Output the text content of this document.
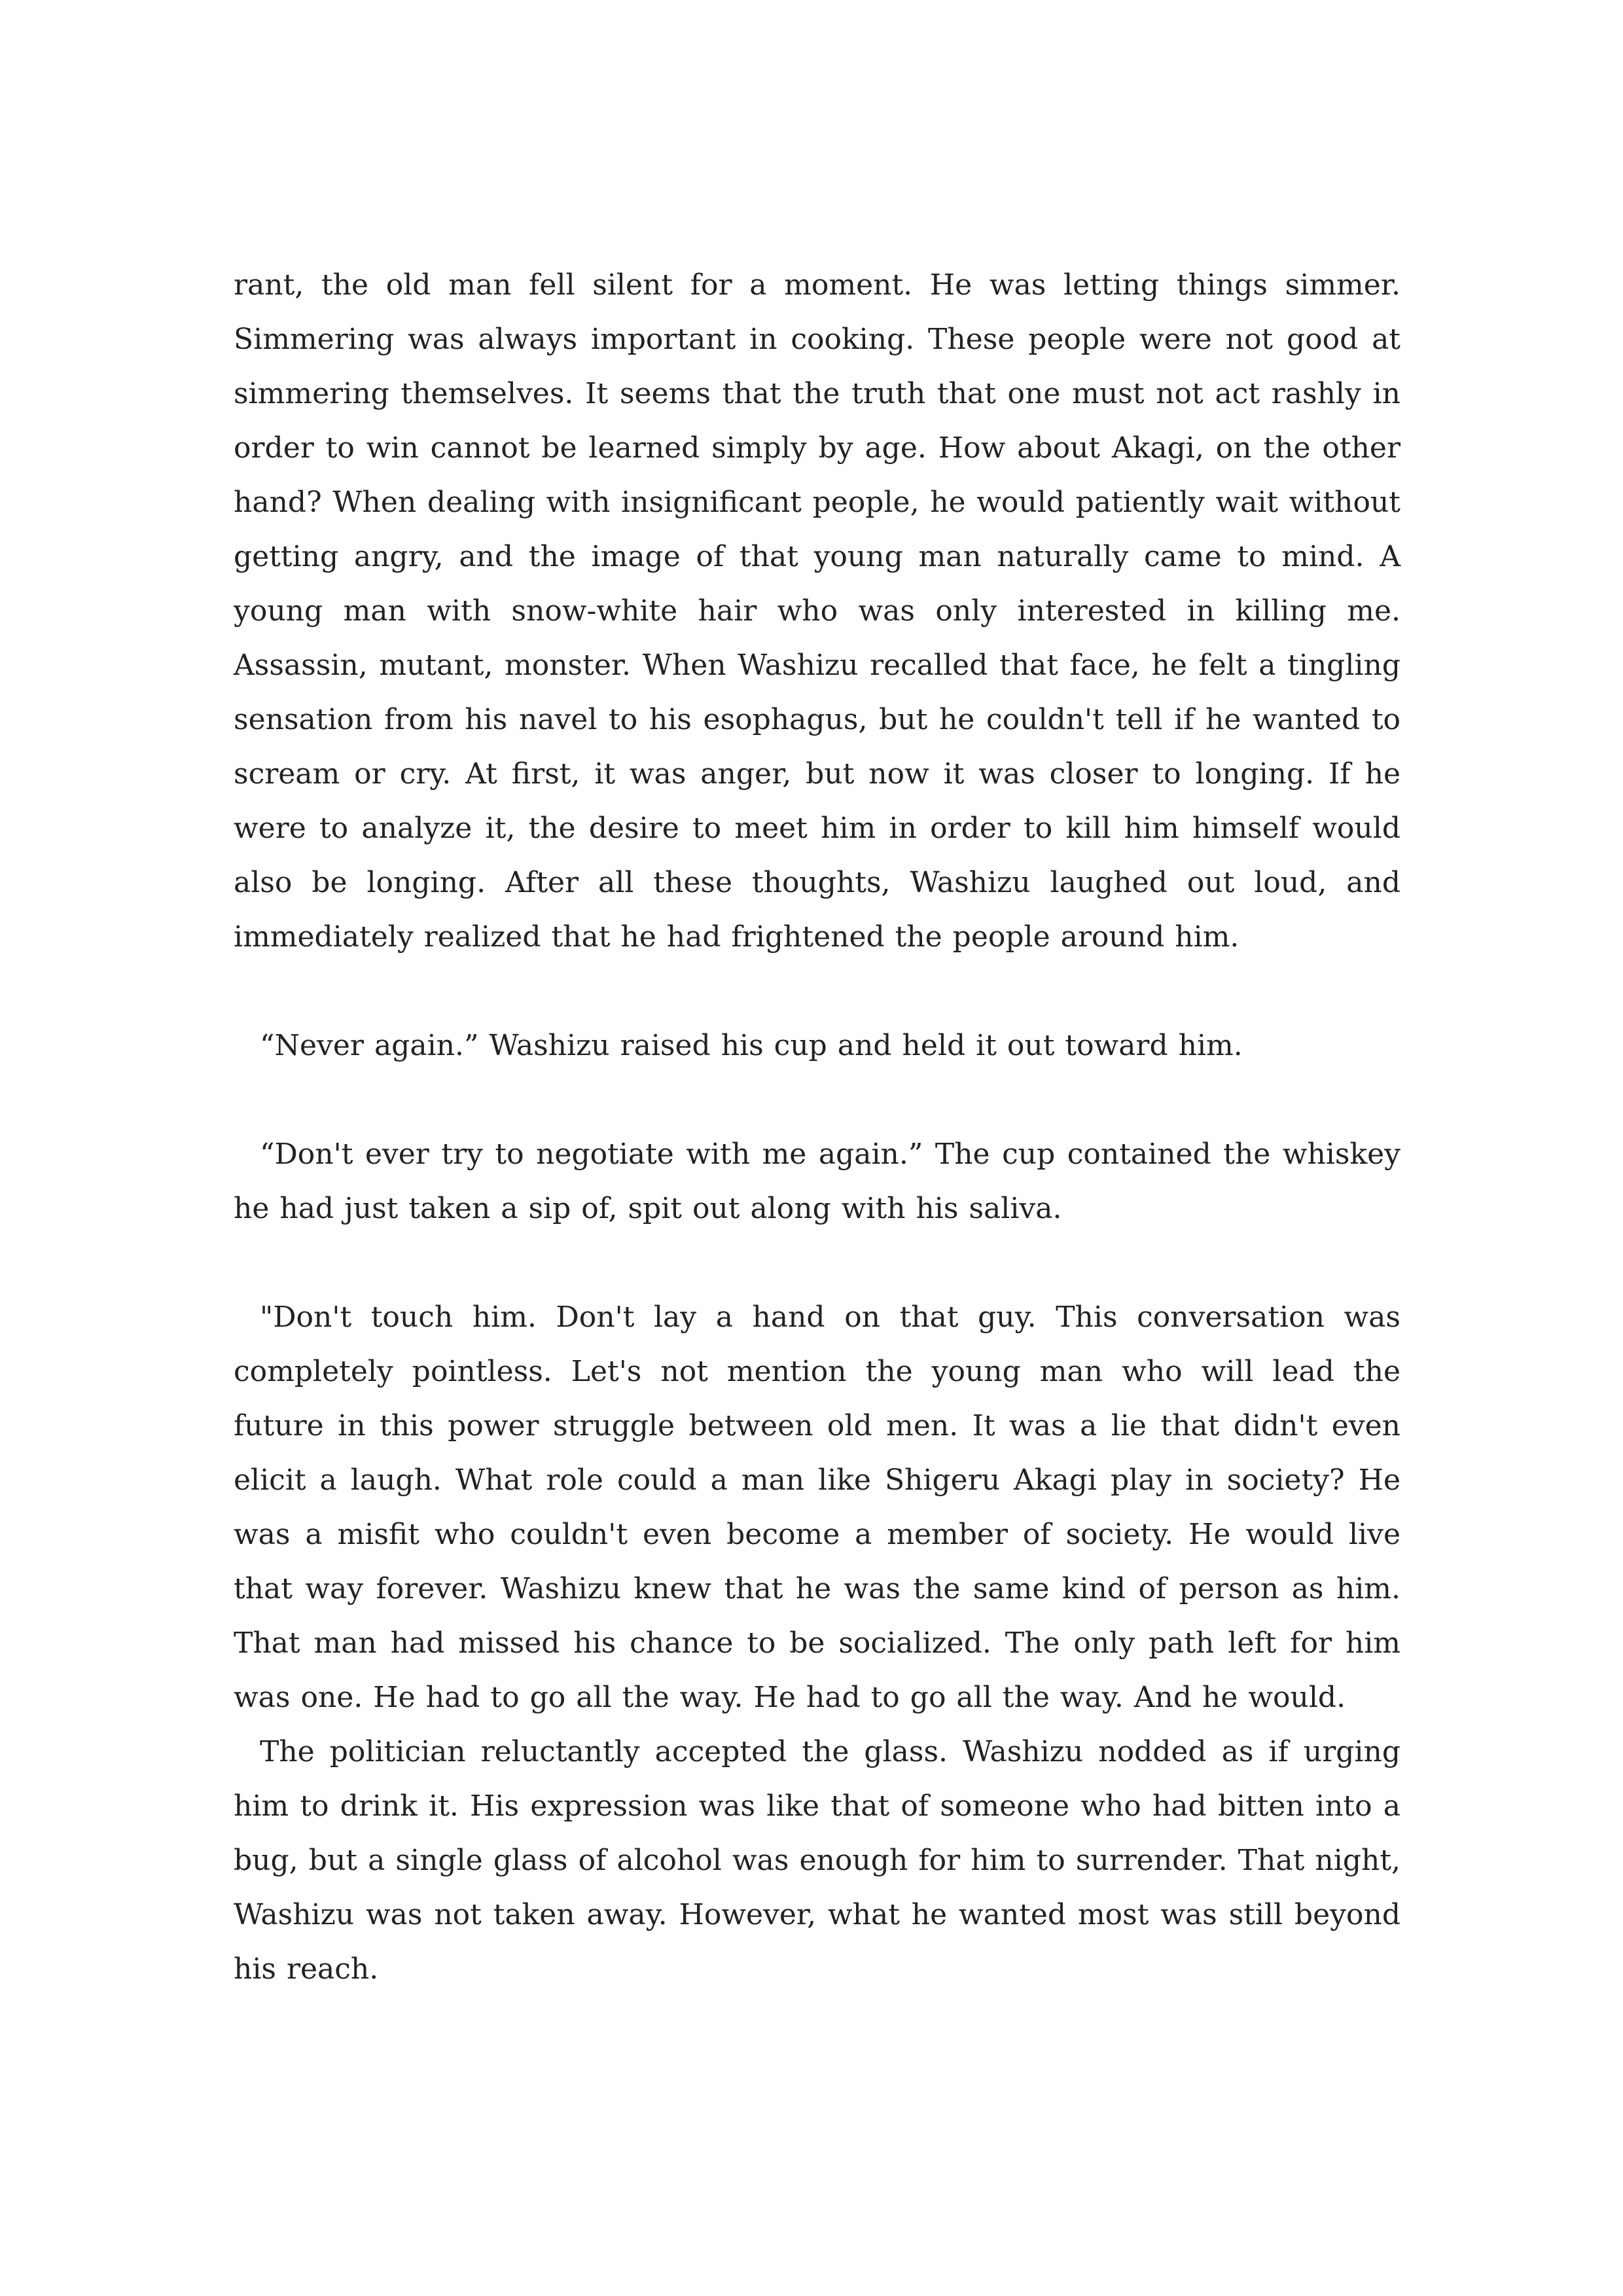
rant, the old man fell silent for a moment. He was letting things simmer. Simmering was always important in cooking. These people were not good at simmering themselves. It seems that the truth that one must not act rashly in order to win cannot be learned simply by age. How about Akagi, on the other hand? When dealing with insignificant people, he would patiently wait without getting angry, and the image of that young man naturally came to mind. A young man with snow-white hair who was only interested in killing me. Assassin, mutant, monster. When Washizu recalled that face, he felt a tingling sensation from his navel to his esophagus, but he couldn't tell if he wanted to scream or cry. At first, it was anger, but now it was closer to longing. If he were to analyze it, the desire to meet him in order to kill him himself would also be longing. After all these thoughts, Washizu laughed out loud, and immediately realized that he had frightened the people around him.

“Never again.” Washizu raised his cup and held it out toward him.

“Don't ever try to negotiate with me again.” The cup contained the whiskey he had just taken a sip of, spit out along with his saliva.

"Don't touch him. Don't lay a hand on that guy. This conversation was completely pointless. Let's not mention the young man who will lead the future in this power struggle between old men. It was a lie that didn't even elicit a laugh. What role could a man like Shigeru Akagi play in society? He was a misfit who couldn't even become a member of society. He would live that way forever. Washizu knew that he was the same kind of person as him. That man had missed his chance to be socialized. The only path left for him was one. He had to go all the way. He had to go all the way. And he would.

The politician reluctantly accepted the glass. Washizu nodded as if urging him to drink it. His expression was like that of someone who had bitten into a bug, but a single glass of alcohol was enough for him to surrender. That night, Washizu was not taken away. However, what he wanted most was still beyond his reach.
